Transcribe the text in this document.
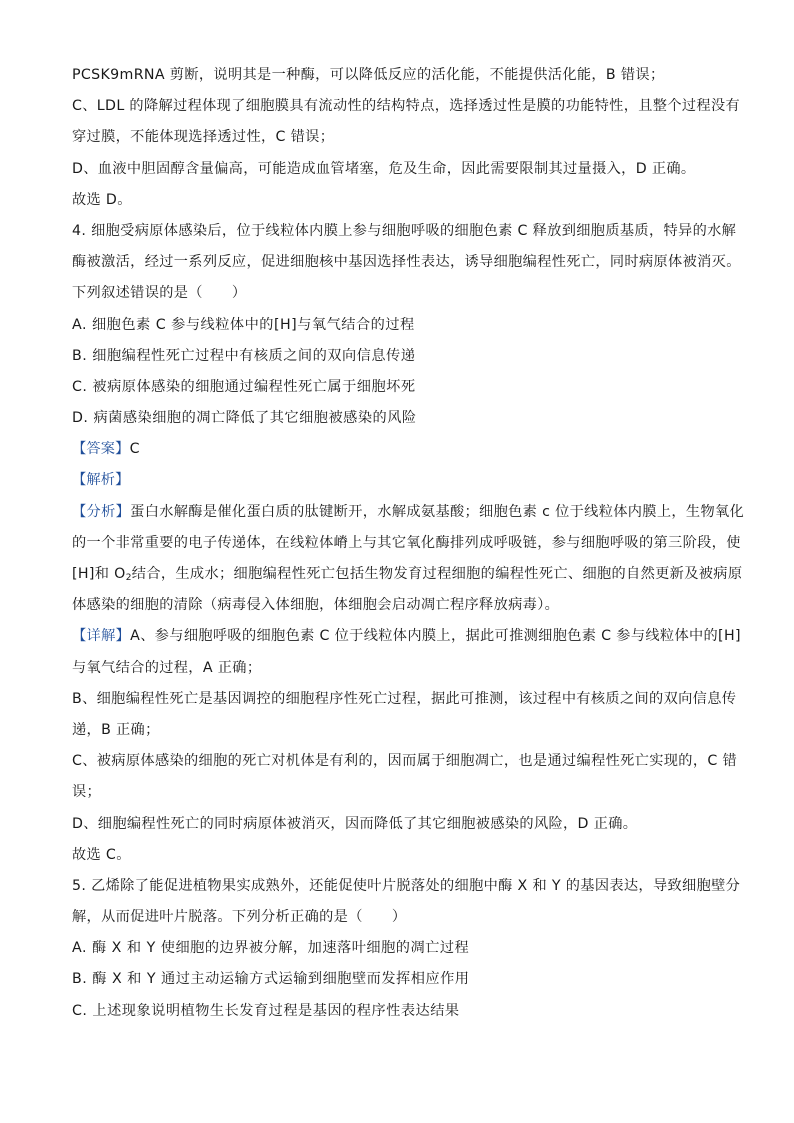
PCSK9mRNA 剪断，说明其是一种酶，可以降低反应的活化能，不能提供活化能，B 错误；
C、LDL 的降解过程体现了细胞膜具有流动性的结构特点，选择透过性是膜的功能特性，且整个过程没有
穿过膜，不能体现选择透过性，C 错误；
D、血液中胆固醇含量偏高，可能造成血管堵塞，危及生命，因此需要限制其过量摄入，D 正确。
故选 D。
4. 细胞受病原体感染后，位于线粒体内膜上参与细胞呼吸的细胞色素 C 释放到细胞质基质，特异的水解
酶被激活，经过一系列反应，促进细胞核中基因选择性表达，诱导细胞编程性死亡，同时病原体被消灭。
下列叙述错误的是（　　）
A. 细胞色素 C 参与线粒体中的[H]与氧气结合的过程
B. 细胞编程性死亡过程中有核质之间的双向信息传递
C. 被病原体感染的细胞通过编程性死亡属于细胞坏死
D. 病菌感染细胞的凋亡降低了其它细胞被感染的风险
【答案】C
【解析】
【分析】蛋白水解酶是催化蛋白质的肽键断开，水解成氨基酸；细胞色素 c 位于线粒体内膜上，生物氧化
的一个非常重要的电子传递体，在线粒体嵴上与其它氧化酶排列成呼吸链，参与细胞呼吸的第三阶段，使
[H]和 $O_2$结合，生成水；细胞编程性死亡包括生物发育过程细胞的编程性死亡、细胞的自然更新及被病原
体感染的细胞的清除（病毒侵入体细胞，体细胞会启动凋亡程序释放病毒）。
【详解】A、参与细胞呼吸的细胞色素 C 位于线粒体内膜上，据此可推测细胞色素 C 参与线粒体中的[H]
与氧气结合的过程，A 正确；
B、细胞编程性死亡是基因调控的细胞程序性死亡过程，据此可推测，该过程中有核质之间的双向信息传
递，B 正确；
C、被病原体感染的细胞的死亡对机体是有利的，因而属于细胞凋亡，也是通过编程性死亡实现的，C 错
误；
D、细胞编程性死亡的同时病原体被消灭，因而降低了其它细胞被感染的风险，D 正确。
故选 C。
5. 乙烯除了能促进植物果实成熟外，还能促使叶片脱落处的细胞中酶 X 和 Y 的基因表达，导致细胞壁分
解，从而促进叶片脱落。下列分析正确的是（　　）
A. 酶 X 和 Y 使细胞的边界被分解，加速落叶细胞的凋亡过程
B. 酶 X 和 Y 通过主动运输方式运输到细胞壁而发挥相应作用
C. 上述现象说明植物生长发育过程是基因的程序性表达结果
